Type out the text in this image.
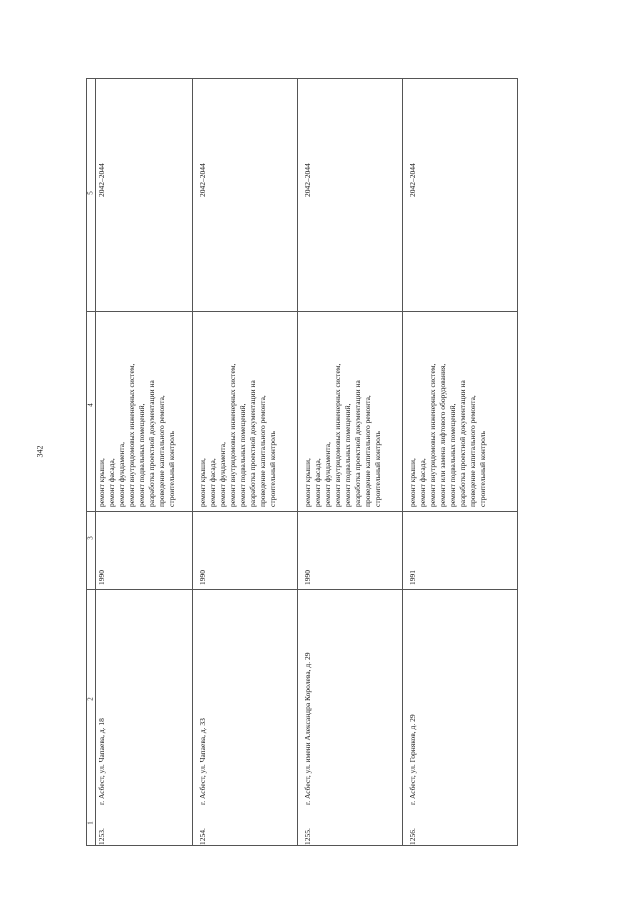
342
1
2
3
4
5
1253.
г. Асбест, ул. Чапаева, д. 18
1990
ремонт крыши, ремонт фасада, ремонт фундамента, ремонт внутридомовых инженерных систем, ремонт подвальных помещений, разработка проектной документации на проведение капитального ремонта, строительный контроль
2042–2044
1254.
г. Асбест, ул. Чапаева, д. 33
1990
ремонт крыши, ремонт фасада, ремонт фундамента, ремонт внутридомовых инженерных систем, ремонт подвальных помещений, разработка проектной документации на проведение капитального ремонта, строительный контроль
2042–2044
1255.
г. Асбест, ул. имени Александра Королева, д. 29
1990
ремонт крыши, ремонт фасада, ремонт фундамента, ремонт внутридомовых инженерных систем, ремонт подвальных помещений, разработка проектной документации на проведение капитального ремонта, строительный контроль
2042–2044
1256.
г. Асбест, ул. Горняков, д. 29
1991
ремонт крыши, ремонт фасада, ремонт внутридомовых инженерных систем, ремонт или замена лифтового оборудования, ремонт подвальных помещений, разработка проектной документации на проведение капитального ремонта, строительный контроль
2042–2044
